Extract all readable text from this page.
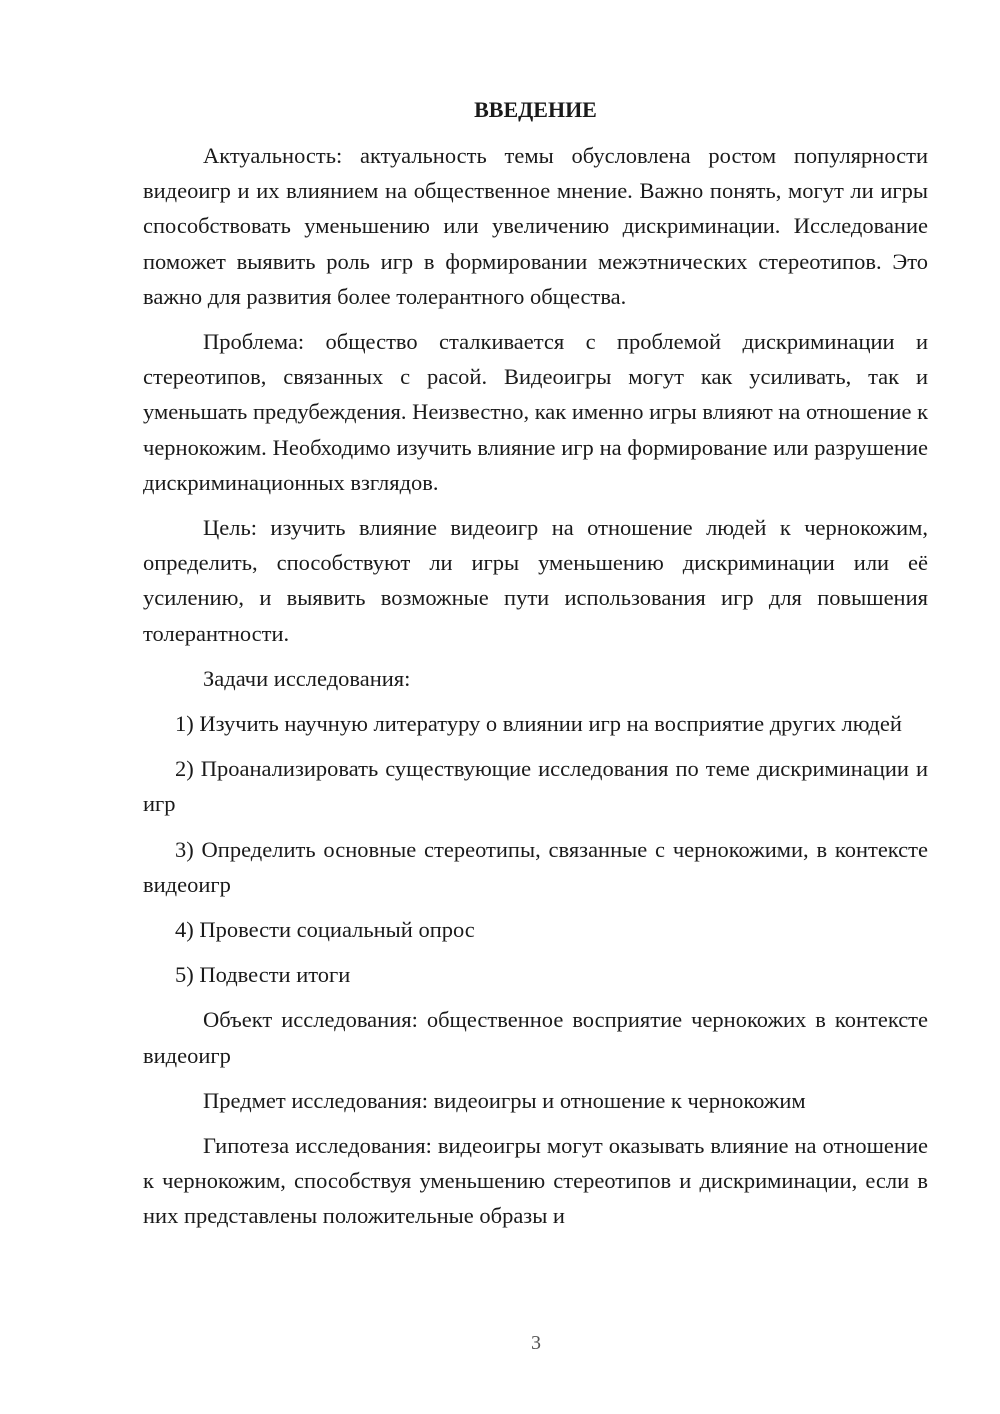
ВВЕДЕНИЕ

Актуальность: актуальность темы обусловлена ростом популярности видеоигр и их влиянием на общественное мнение. Важно понять, могут ли игры способствовать уменьшению или увеличению дискриминации. Исследование поможет выявить роль игр в формировании межэтнических стереотипов. Это важно для развития более толерантного общества.

Проблема: общество сталкивается с проблемой дискриминации и стереотипов, связанных с расой. Видеоигры могут как усиливать, так и уменьшать предубеждения. Неизвестно, как именно игры влияют на отношение к чернокожим. Необходимо изучить влияние игр на формирование или разрушение дискриминационных взглядов.

Цель: изучить влияние видеоигр на отношение людей к чернокожим, определить, способствуют ли игры уменьшению дискриминации или её усилению, и выявить возможные пути использования игр для повышения толерантности.

Задачи исследования:

1) Изучить научную литературу о влиянии игр на восприятие других людей

2) Проанализировать существующие исследования по теме дискриминации и игр

3) Определить основные стереотипы, связанные с чернокожими, в контексте видеоигр

4) Провести социальный опрос

5) Подвести итоги

Объект исследования: общественное восприятие чернокожих в контексте видеоигр

Предмет исследования: видеоигры и отношение к чернокожим

Гипотеза исследования: видеоигры могут оказывать влияние на отношение к чернокожим, способствуя уменьшению стереотипов и дискриминации, если в них представлены положительные образы и

3
